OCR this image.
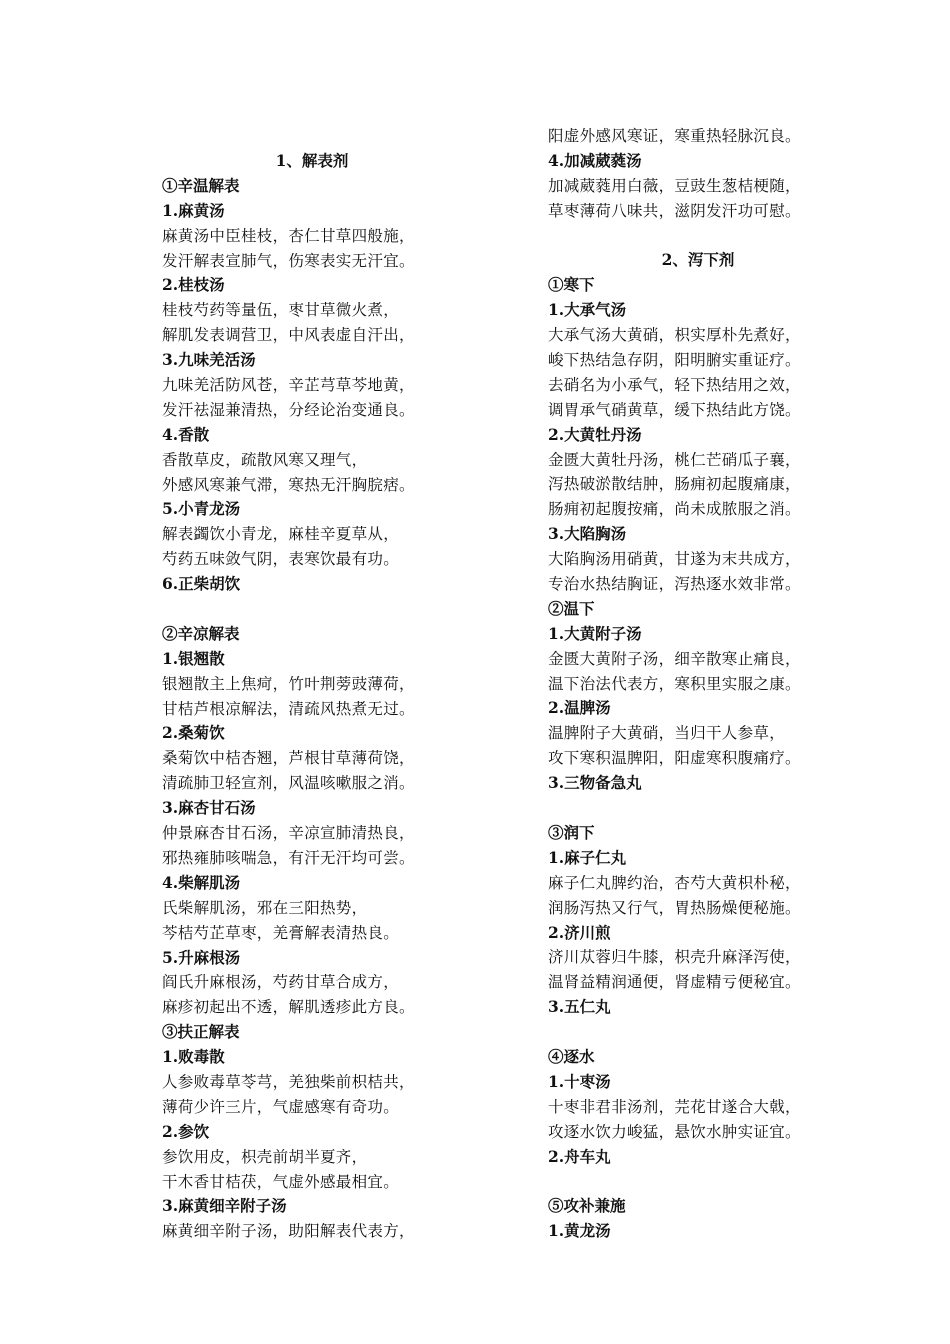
1、解表剂
①辛温解表
1.麻黄汤
麻黄汤中臣桂枝，杏仁甘草四般施，
发汗解表宣肺气，伤寒表实无汗宜。
2.桂枝汤
桂枝芍药等量伍，枣甘草微火煮，
解肌发表调营卫，中风表虚自汗出，
3.九味羌活汤
九味羌活防风苍，辛芷芎草芩地黄，
发汗祛湿兼清热，分经论治变通良。
4.香散
香散草皮，疏散风寒又理气，
外感风寒兼气滞，寒热无汗胸脘痞。
5.小青龙汤
解表蠲饮小青龙，麻桂辛夏草从，
芍药五味敛气阴，表寒饮最有功。
6.正柴胡饮
②辛凉解表
1.银翘散
银翘散主上焦疴，竹叶荆蒡豉薄荷，
甘桔芦根凉解法，清疏风热煮无过。
2.桑菊饮
桑菊饮中桔杏翘，芦根甘草薄荷饶，
清疏肺卫轻宣剂，风温咳嗽服之消。
3.麻杏甘石汤
仲景麻杏甘石汤，辛凉宣肺清热良，
邪热雍肺咳喘急，有汗无汗均可尝。
4.柴解肌汤
氏柴解肌汤，邪在三阳热势，
芩桔芍芷草枣，羌膏解表清热良。
5.升麻根汤
阎氏升麻根汤，芍药甘草合成方，
麻疹初起出不透，解肌透疹此方良。
③扶正解表
1.败毒散
人参败毒草苓芎，羌独柴前枳桔共，
薄荷少许三片，气虚感寒有奇功。
2.参饮
参饮用皮，枳壳前胡半夏齐，
干木香甘桔茯，气虚外感最相宜。
3.麻黄细辛附子汤
麻黄细辛附子汤，助阳解表代表方，
阳虚外感风寒证，寒重热轻脉沉良。
4.加减葳蕤汤
加减葳蕤用白薇，豆豉生葱桔梗随，
草枣薄荷八味共，滋阴发汗功可慰。
2、泻下剂
①寒下
1.大承气汤
大承气汤大黄硝，枳实厚朴先煮好，
峻下热结急存阴，阳明腑实重证疗。
去硝名为小承气，轻下热结用之效，
调胃承气硝黄草，缓下热结此方饶。
2.大黄牡丹汤
金匮大黄牡丹汤，桃仁芒硝瓜子襄，
泻热破淤散结肿，肠痈初起腹痛康，
肠痈初起腹按痛，尚未成脓服之消。
3.大陷胸汤
大陷胸汤用硝黄，甘遂为末共成方，
专治水热结胸证，泻热逐水效非常。
②温下
1.大黄附子汤
金匮大黄附子汤，细辛散寒止痛良，
温下治法代表方，寒积里实服之康。
2.温脾汤
温脾附子大黄硝，当归干人参草，
攻下寒积温脾阳，阳虚寒积腹痛疗。
3.三物备急丸
③润下
1.麻子仁丸
麻子仁丸脾约治，杏芍大黄枳朴秘，
润肠泻热又行气，胃热肠燥便秘施。
2.济川煎
济川苁蓉归牛膝，枳壳升麻泽泻使，
温肾益精润通便，肾虚精亏便秘宜。
3.五仁丸
④逐水
1.十枣汤
十枣非君非汤剂，芫花甘遂合大戟，
攻逐水饮力峻猛，悬饮水肿实证宜。
2.舟车丸
⑤攻补兼施
1.黄龙汤
